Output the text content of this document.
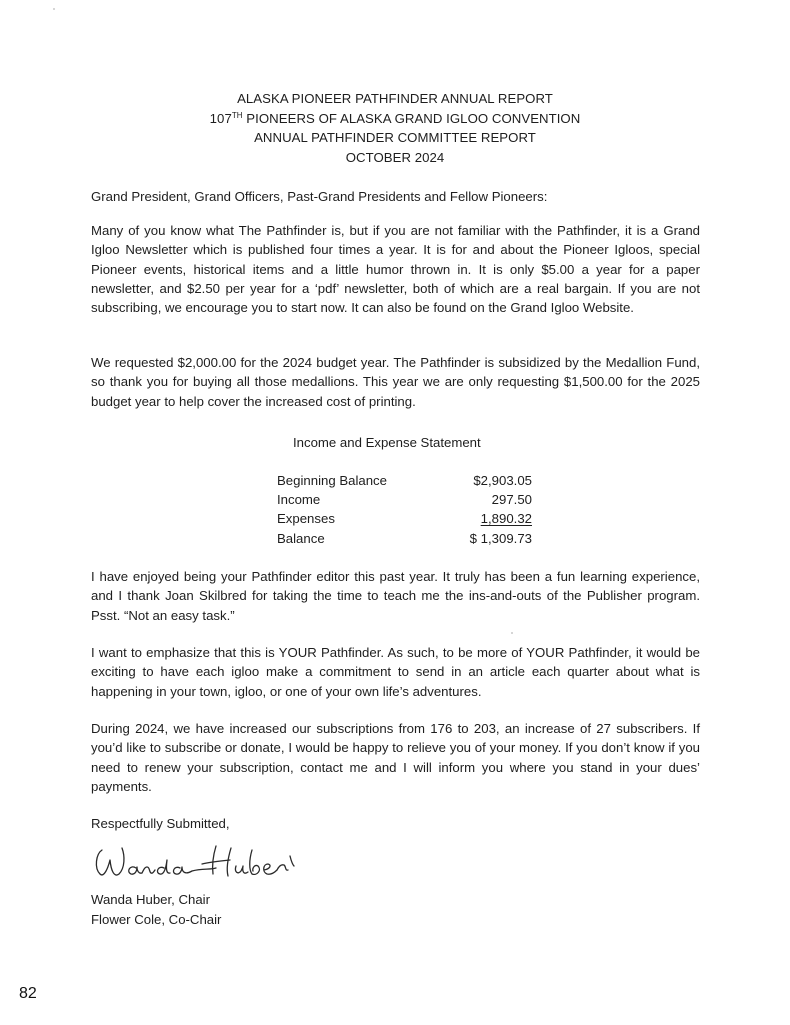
ALASKA PIONEER PATHFINDER ANNUAL REPORT
107TH PIONEERS OF ALASKA GRAND IGLOO CONVENTION
ANNUAL PATHFINDER COMMITTEE REPORT
OCTOBER 2024
Grand President, Grand Officers, Past-Grand Presidents and Fellow Pioneers:
Many of you know what The Pathfinder is, but if you are not familiar with the Pathfinder, it is a Grand Igloo Newsletter which is published four times a year. It is for and about the Pioneer Igloos, special Pioneer events, historical items and a little humor thrown in. It is only $5.00 a year for a paper newsletter, and $2.50 per year for a ‘pdf’ newsletter, both of which are a real bargain. If you are not subscribing, we encourage you to start now. It can also be found on the Grand Igloo Website.
We requested $2,000.00 for the 2024 budget year. The Pathfinder is subsidized by the Medallion Fund, so thank you for buying all those medallions. This year we are only requesting $1,500.00 for the 2025 budget year to help cover the increased cost of printing.
Income and Expense Statement
Beginning Balance	$2,903.05
Income	297.50
Expenses	1,890.32
Balance	$ 1,309.73
I have enjoyed being your Pathfinder editor this past year. It truly has been a fun learning experience, and I thank Joan Skilbred for taking the time to teach me the ins-and-outs of the Publisher program. Psst. “Not an easy task.”
I want to emphasize that this is YOUR Pathfinder. As such, to be more of YOUR Pathfinder, it would be exciting to have each igloo make a commitment to send in an article each quarter about what is happening in your town, igloo, or one of your own life’s adventures.
During 2024, we have increased our subscriptions from 176 to 203, an increase of 27 subscribers. If you’d like to subscribe or donate, I would be happy to relieve you of your money. If you don’t know if you need to renew your subscription, contact me and I will inform you where you stand in your dues’ payments.
Respectfully Submitted,
Wanda Huber, Chair
Flower Cole, Co-Chair
82
